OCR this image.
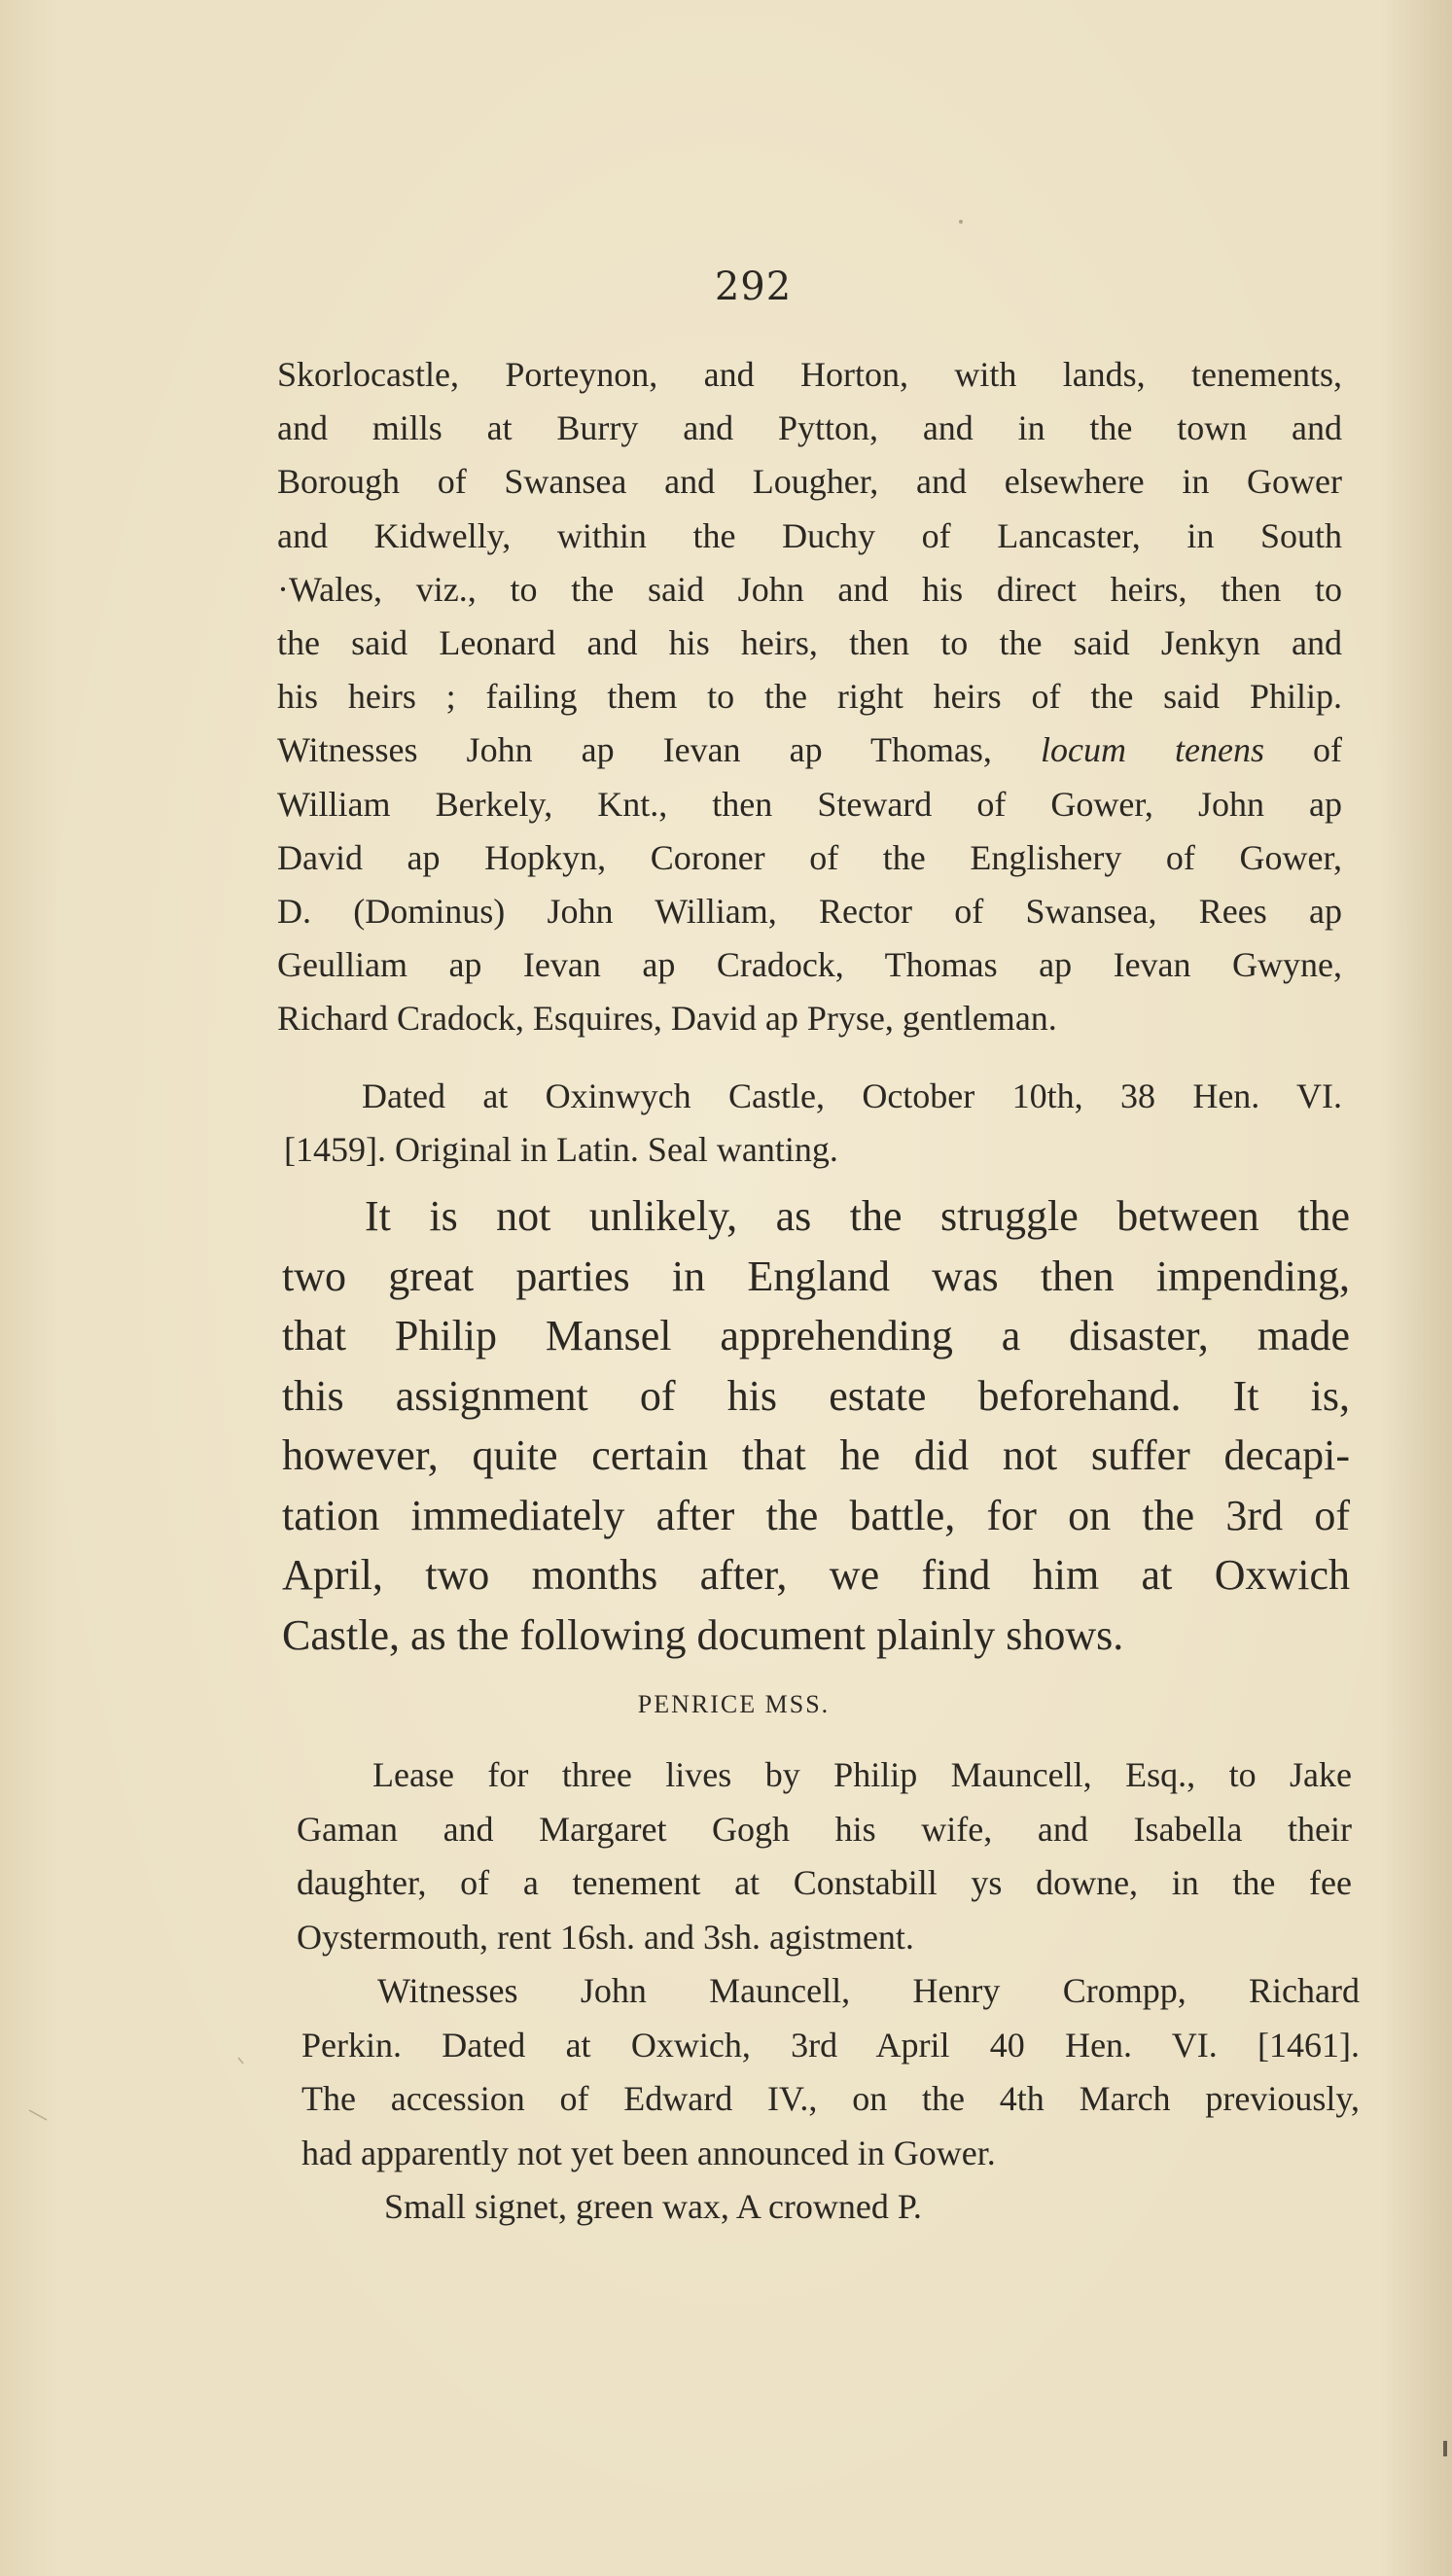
292
Skorlocastle, Porteynon, and Horton, with lands, tenements,
and mills at Burry and Pytton, and in the town and
Borough of Swansea and Lougher, and elsewhere in Gower
and Kidwelly, within the Duchy of Lancaster, in South
·Wales, viz., to the said John and his direct heirs, then to
the said Leonard and his heirs, then to the said Jenkyn and
his heirs ; failing them to the right heirs of the said Philip.
Witnesses John ap Ievan ap Thomas, locum tenens of
William Berkely, Knt., then Steward of Gower, John ap
David ap Hopkyn, Coroner of the Englishery of Gower,
D. (Dominus) John William, Rector of Swansea, Rees ap
Geulliam ap Ievan ap Cradock, Thomas ap Ievan Gwyne,
Richard Cradock, Esquires, David ap Pryse, gentleman.
Dated at Oxinwych Castle, October 10th, 38 Hen. VI.
[1459]. Original in Latin. Seal wanting.
It is not unlikely, as the struggle between the
two great parties in England was then impending,
that Philip Mansel apprehending a disaster, made
this assignment of his estate beforehand. It is,
however, quite certain that he did not suffer decapi-
tation immediately after the battle, for on the 3rd of
April, two months after, we find him at Oxwich
Castle, as the following document plainly shows.
PENRICE MSS.
Lease for three lives by Philip Mauncell, Esq., to Jake
Gaman and Margaret Gogh his wife, and Isabella their
daughter, of a tenement at Constabill ys downe, in the fee
Oystermouth, rent 16sh. and 3sh. agistment.
Witnesses John Mauncell, Henry Crompp, Richard
Perkin. Dated at Oxwich, 3rd April 40 Hen. VI. [1461].
The accession of Edward IV., on the 4th March previously,
had apparently not yet been announced in Gower.
Small signet, green wax, A crowned P.
